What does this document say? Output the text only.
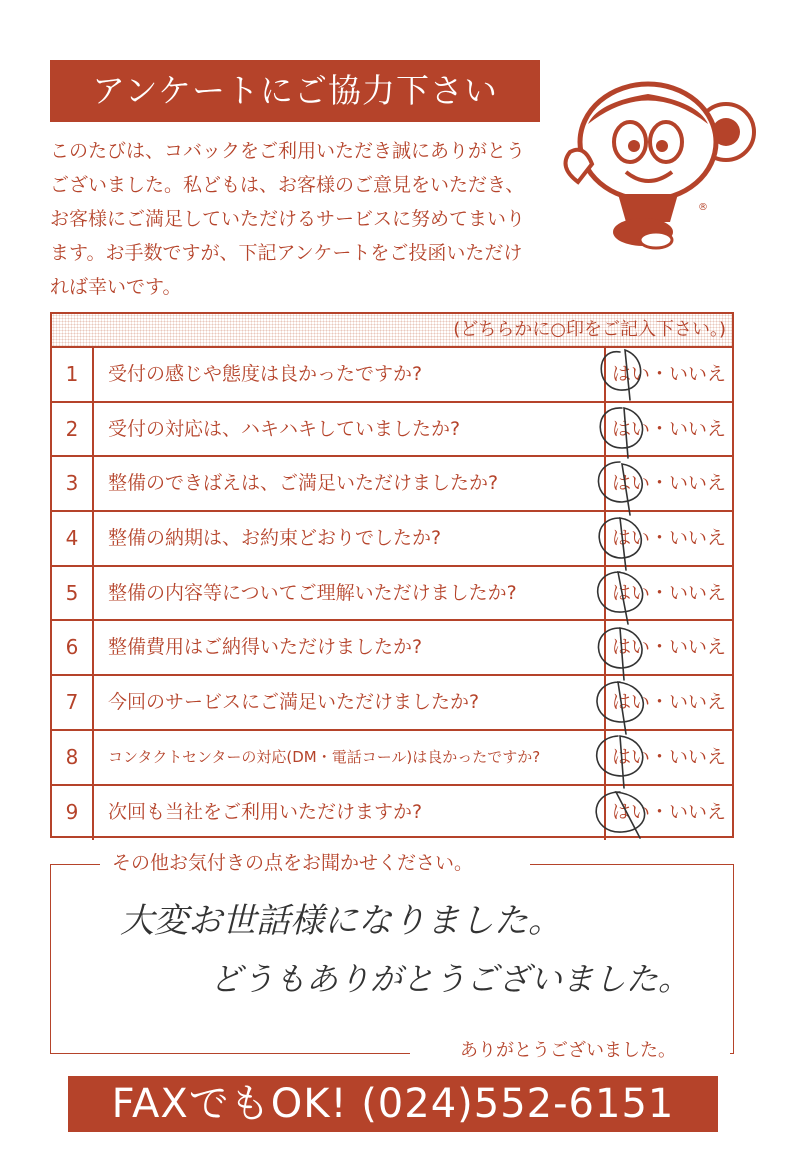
アンケートにご協力下さい
このたびは、コバックをご利用いただき誠にありがとうございました。私どもは、お客様のご意見をいただき、お客様にご満足していただけるサービスに努めてまいります。お手数ですが、下記アンケートをご投函いただければ幸いです。
®
(どちらかに○印をご記入下さい。)
1	受付の感じや態度は良かったですか?	はい・いいえ
2	受付の対応は、ハキハキしていましたか?	はい・いいえ
3	整備のできばえは、ご満足いただけましたか?	はい・いいえ
4	整備の納期は、お約束どおりでしたか?	はい・いいえ
5	整備の内容等についてご理解いただけましたか?	はい・いいえ
6	整備費用はご納得いただけましたか?	はい・いいえ
7	今回のサービスにご満足いただけましたか?	はい・いいえ
8	コンタクトセンターの対応(DM・電話コール)は良かったですか?	はい・いいえ
9	次回も当社をご利用いただけますか?	はい・いいえ
その他お気付きの点をお聞かせください。
大変お世話様になりました。
どうもありがとうございました。
ありがとうございました。
FAXでもOK! (024)552-6151
